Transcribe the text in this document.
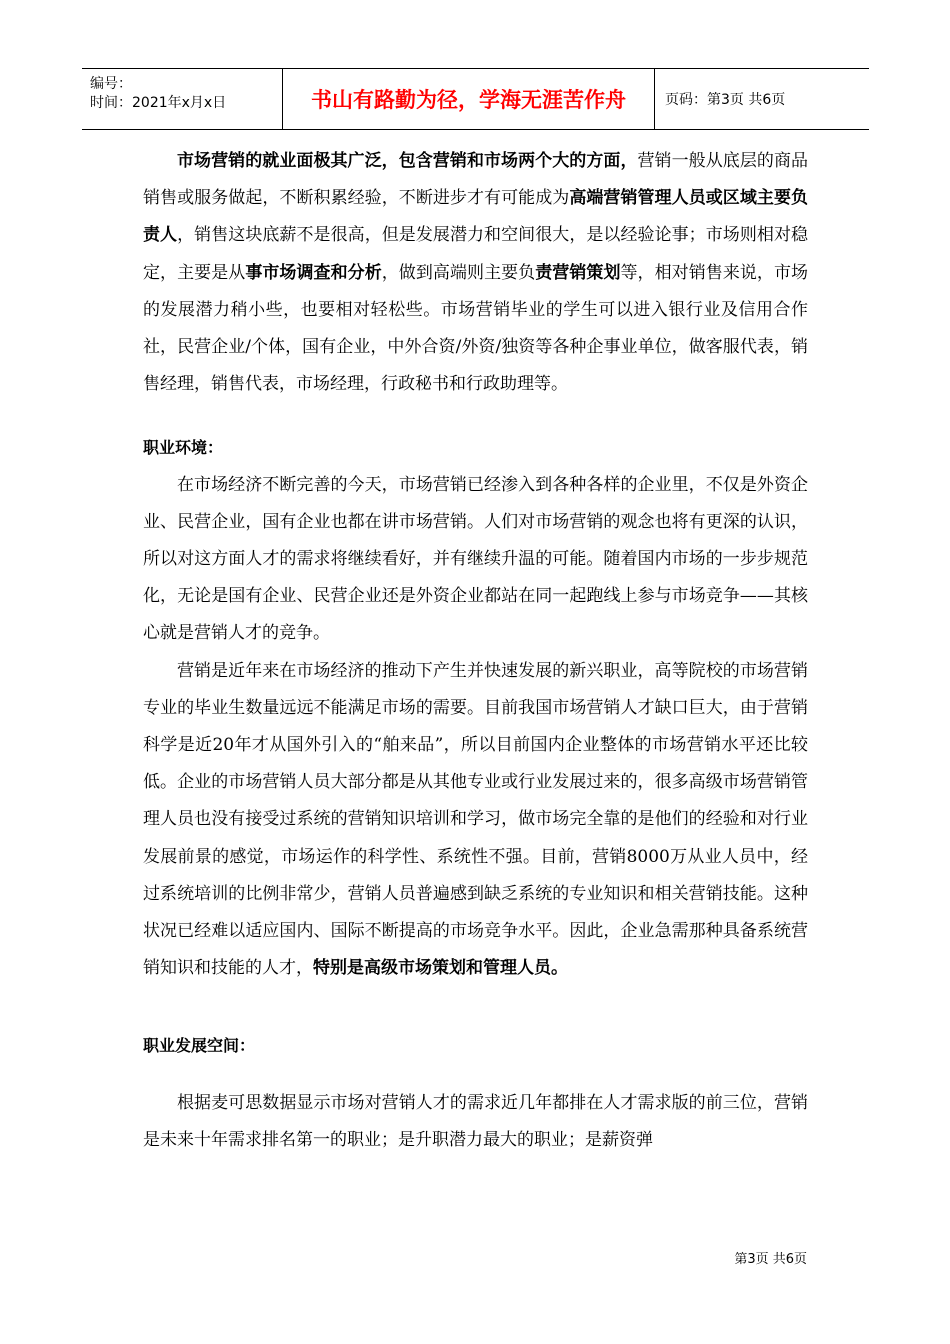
编号：
时间：2021年x月x日	书山有路勤为径，学海无涯苦作舟	页码：第3页 共6页

市场营销的就业面极其广泛，包含营销和市场两个大的方面，营销一般从底层的商品销售或服务做起，不断积累经验，不断进步才有可能成为高端营销管理人员或区域主要负责人，销售这块底薪不是很高，但是发展潜力和空间很大，是以经验论事；市场则相对稳定，主要是从事市场调查和分析，做到高端则主要负责营销策划等，相对销售来说，市场的发展潜力稍小些，也要相对轻松些。市场营销毕业的学生可以进入银行业及信用合作社，民营企业/个体，国有企业，中外合资/外资/独资等各种企事业单位，做客服代表，销售经理，销售代表，市场经理，行政秘书和行政助理等。

职业环境：

在市场经济不断完善的今天，市场营销已经渗入到各种各样的企业里，不仅是外资企业、民营企业，国有企业也都在讲市场营销。人们对市场营销的观念也将有更深的认识，所以对这方面人才的需求将继续看好，并有继续升温的可能。随着国内市场的一步步规范化，无论是国有企业、民营企业还是外资企业都站在同一起跑线上参与市场竞争——其核心就是营销人才的竞争。

营销是近年来在市场经济的推动下产生并快速发展的新兴职业，高等院校的市场营销专业的毕业生数量远远不能满足市场的需要。目前我国市场营销人才缺口巨大，由于营销科学是近20年才从国外引入的“舶来品”，所以目前国内企业整体的市场营销水平还比较低。企业的市场营销人员大部分都是从其他专业或行业发展过来的，很多高级市场营销管理人员也没有接受过系统的营销知识培训和学习，做市场完全靠的是他们的经验和对行业发展前景的感觉，市场运作的科学性、系统性不强。目前，营销8000万从业人员中，经过系统培训的比例非常少，营销人员普遍感到缺乏系统的专业知识和相关营销技能。这种状况已经难以适应国内、国际不断提高的市场竞争水平。因此，企业急需那种具备系统营销知识和技能的人才，特别是高级市场策划和管理人员。

职业发展空间：

根据麦可思数据显示市场对营销人才的需求近几年都排在人才需求版的前三位，营销是未来十年需求排名第一的职业；是升职潜力最大的职业；是薪资弹

第3页 共6页
